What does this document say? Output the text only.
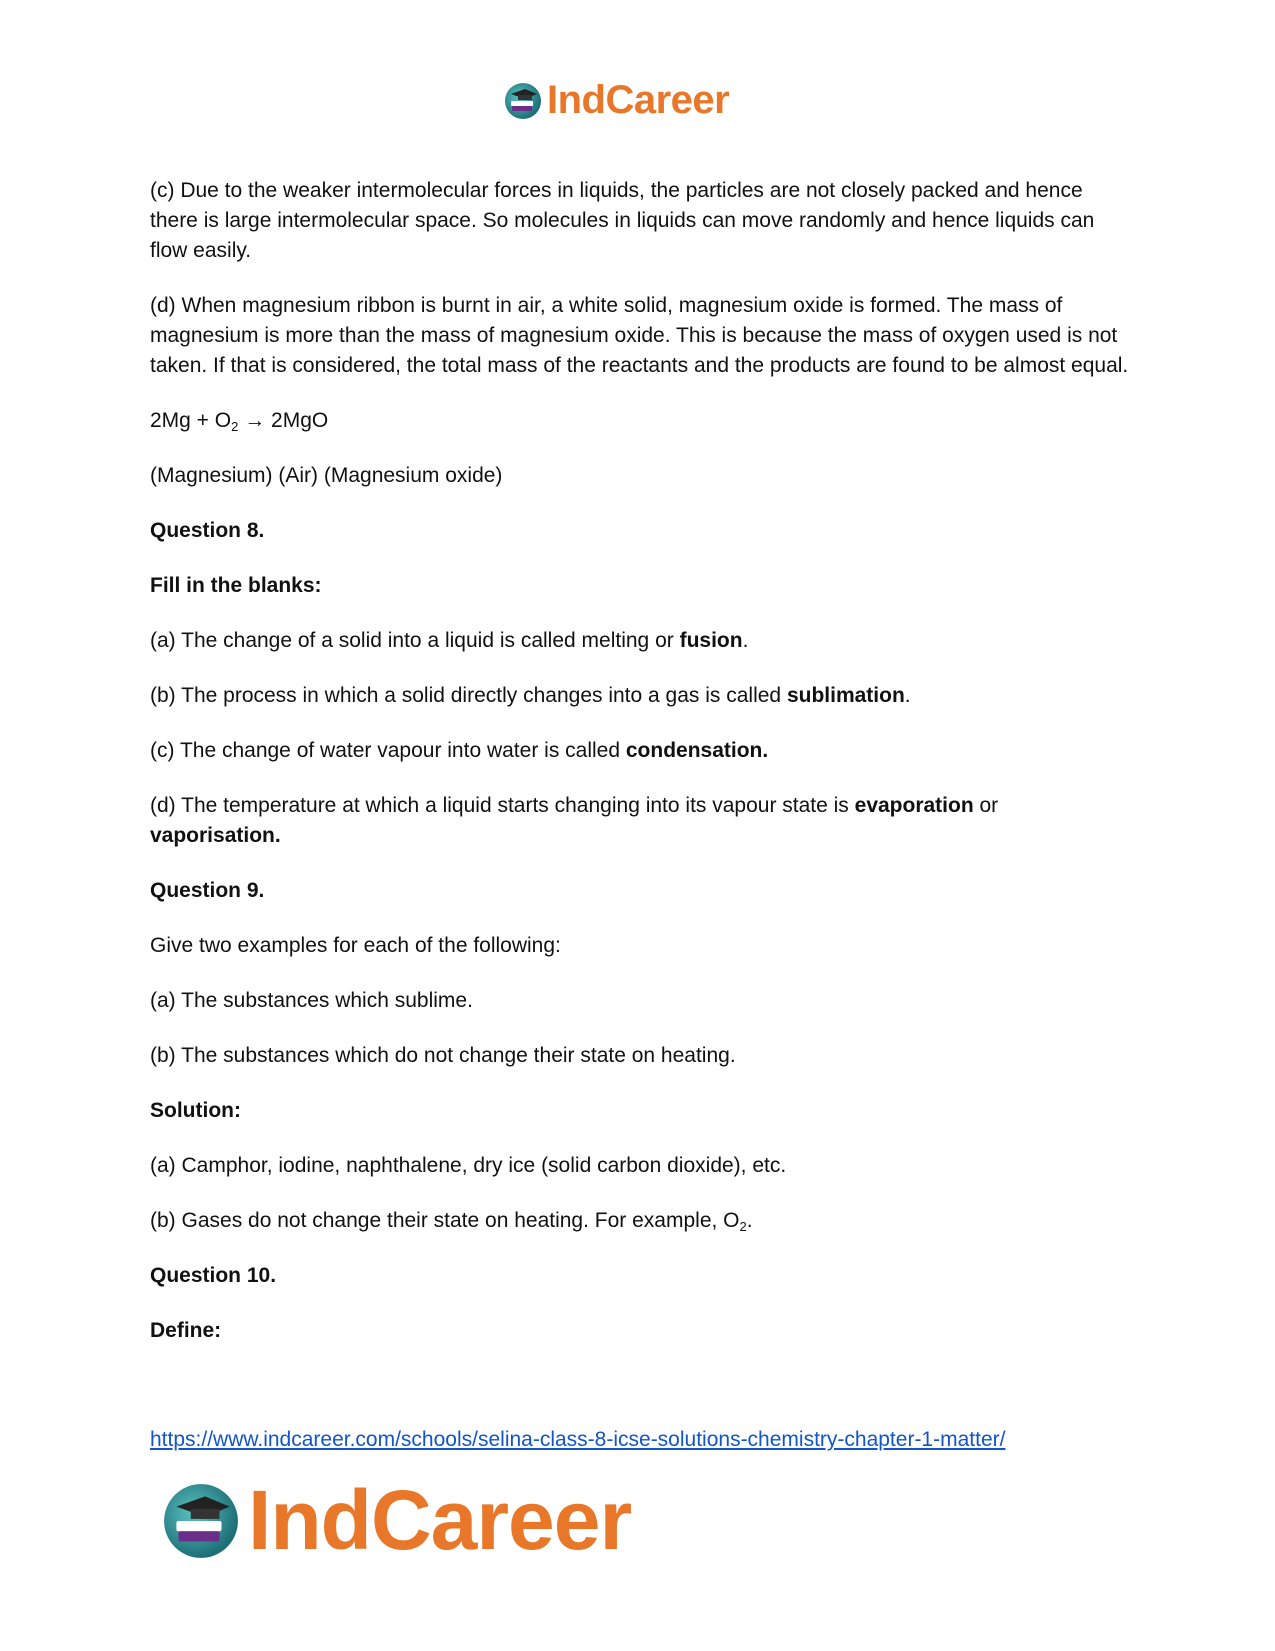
IndCareer

(c) Due to the weaker intermolecular forces in liquids, the particles are not closely packed and hence there is large intermolecular space. So molecules in liquids can move randomly and hence liquids can flow easily.

(d) When magnesium ribbon is burnt in air, a white solid, magnesium oxide is formed. The mass of magnesium is more than the mass of magnesium oxide. This is because the mass of oxygen used is not taken. If that is considered, the total mass of the reactants and the products are found to be almost equal.

$2Mg + O_2 \to 2MgO$

(Magnesium) (Air) (Magnesium oxide)

Question 8.

Fill in the blanks:

(a) The change of a solid into a liquid is called melting or fusion.

(b) The process in which a solid directly changes into a gas is called sublimation.

(c) The change of water vapour into water is called condensation.

(d) The temperature at which a liquid starts changing into its vapour state is evaporation or vaporisation.

Question 9.

Give two examples for each of the following:

(a) The substances which sublime.

(b) The substances which do not change their state on heating.

Solution:

(a) Camphor, iodine, naphthalene, dry ice (solid carbon dioxide), etc.

(b) Gases do not change their state on heating. For example, $O_2$.

Question 10.

Define:

https://www.indcareer.com/schools/selina-class-8-icse-solutions-chemistry-chapter-1-matter/
IndCareer
